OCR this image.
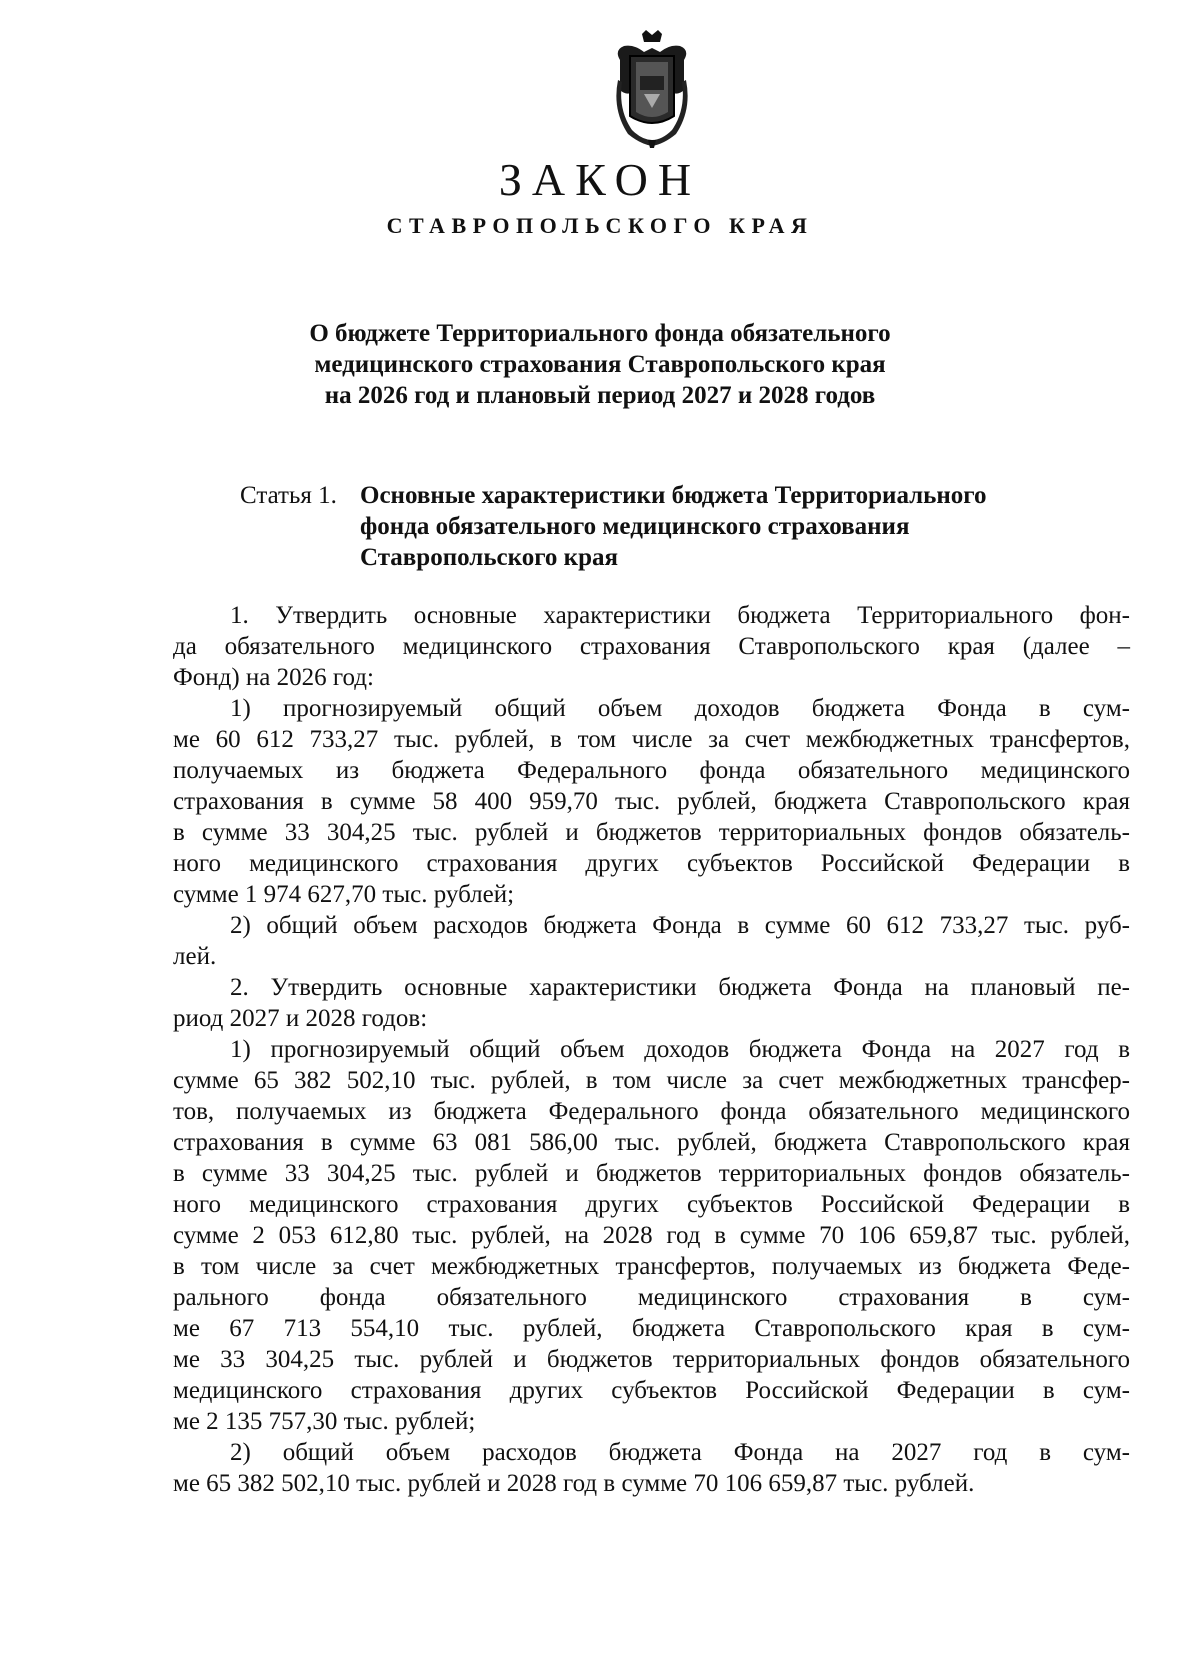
ЗАКОН
СТАВРОПОЛЬСКОГО КРАЯ
О бюджете Территориального фонда обязательного
медицинского страхования Ставропольского края
на 2026 год и плановый период 2027 и 2028 годов
Статья 1. Основные характеристики бюджета Территориального
фонда обязательного медицинского страхования
Ставропольского края
1. Утвердить основные характеристики бюджета Территориального фон-
да обязательного медицинского страхования Ставропольского края (далее –
Фонд) на 2026 год:
1) прогнозируемый общий объем доходов бюджета Фонда в сум-
ме 60 612 733,27 тыс. рублей, в том числе за счет межбюджетных трансфертов,
получаемых из бюджета Федерального фонда обязательного медицинского
страхования в сумме 58 400 959,70 тыс. рублей, бюджета Ставропольского края
в сумме 33 304,25 тыс. рублей и бюджетов территориальных фондов обязатель-
ного медицинского страхования других субъектов Российской Федерации в
сумме 1 974 627,70 тыс. рублей;
2) общий объем расходов бюджета Фонда в сумме 60 612 733,27 тыс. руб-
лей.
2. Утвердить основные характеристики бюджета Фонда на плановый пе-
риод 2027 и 2028 годов:
1) прогнозируемый общий объем доходов бюджета Фонда на 2027 год в
сумме 65 382 502,10 тыс. рублей, в том числе за счет межбюджетных трансфер-
тов, получаемых из бюджета Федерального фонда обязательного медицинского
страхования в сумме 63 081 586,00 тыс. рублей, бюджета Ставропольского края
в сумме 33 304,25 тыс. рублей и бюджетов территориальных фондов обязатель-
ного медицинского страхования других субъектов Российской Федерации в
сумме 2 053 612,80 тыс. рублей, на 2028 год в сумме 70 106 659,87 тыс. рублей,
в том числе за счет межбюджетных трансфертов, получаемых из бюджета Феде-
рального фонда обязательного медицинского страхования в сум-
ме 67 713 554,10 тыс. рублей, бюджета Ставропольского края в сум-
ме 33 304,25 тыс. рублей и бюджетов территориальных фондов обязательного
медицинского страхования других субъектов Российской Федерации в сум-
ме 2 135 757,30 тыс. рублей;
2) общий объем расходов бюджета Фонда на 2027 год в сум-
ме 65 382 502,10 тыс. рублей и 2028 год в сумме 70 106 659,87 тыс. рублей.
